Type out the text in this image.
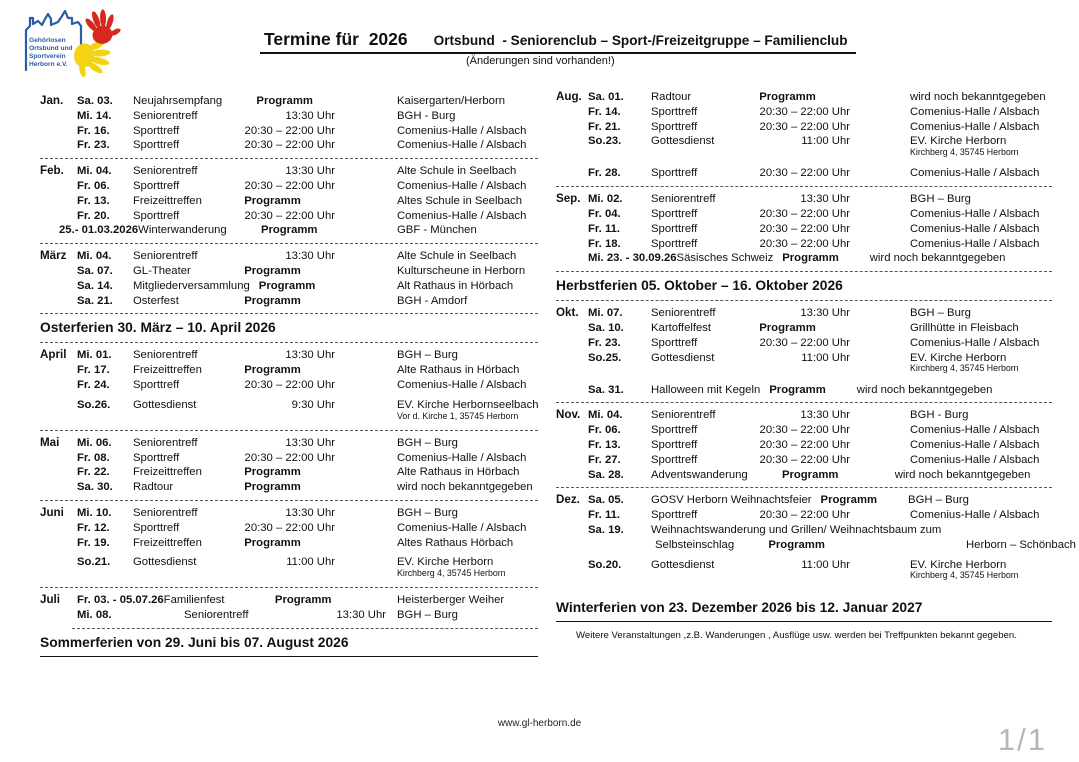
Gehörlosen
Ortsbund und
Sportverein
Herborn e.V.
Termine für  2026 Ortsbund  - Seniorenclub – Sport-/Freizeitgruppe – Familienclub
(Änderungen sind vorhanden!)
Jan. Sa. 03.	Neujahrsempfang	Programm	Kaisergarten/Herborn
Mi. 14.	Seniorentreff	13:30 Uhr	BGH - Burg
Fr. 16.	Sporttreff	20:30 – 22:00 Uhr	Comenius-Halle / Alsbach
Fr. 23.	Sporttreff	20:30 – 22:00 Uhr	Comenius-Halle / Alsbach
Feb. Mi. 04.	Seniorentreff	13:30 Uhr	Alte Schule in Seelbach
Fr. 06.	Sporttreff	20:30 – 22:00 Uhr	Comenius-Halle / Alsbach
Fr. 13.	Freizeittreffen	Programm	Altes Schule in Seelbach
Fr. 20.	Sporttreff	20:30 – 22:00 Uhr	Comenius-Halle / Alsbach
25.- 01.03.2026 Winterwanderung	Programm	GBF - München
März Mi. 04.	Seniorentreff	13:30 Uhr	Alte Schule in Seelbach
Sa. 07.	GL-Theater	Programm	Kulturscheune in Herborn
Sa. 14.	Mitgliederversammlung Programm	Alt Rathaus in Hörbach
Sa. 21.	Osterfest	Programm	BGH - Amdorf
Osterferien 30. März – 10. April 2026
April Mi. 01.	Seniorentreff	13:30 Uhr	BGH – Burg
Fr. 17.	Freizeittreffen	Programm	Alte Rathaus in Hörbach
Fr. 24.	Sporttreff	20:30 – 22:00 Uhr	Comenius-Halle / Alsbach
So.26.	Gottesdienst	9:30 Uhr	EV. Kirche Herbornseelbach
Vor d. Kirche 1, 35745 Herborn
Mai Mi. 06.	Seniorentreff	13:30 Uhr	BGH – Burg
Fr. 08.	Sporttreff	20:30 – 22:00 Uhr	Comenius-Halle / Alsbach
Fr. 22.	Freizeittreffen	Programm	Alte Rathaus in Hörbach
Sa. 30.	Radtour	Programm	wird noch bekanntgegeben
Juni Mi. 10.	Seniorentreff	13:30 Uhr	BGH – Burg
Fr. 12.	Sporttreff	20:30 – 22:00 Uhr	Comenius-Halle / Alsbach
Fr. 19.	Freizeittreffen	Programm	Altes Rathaus Hörbach
So.21.	Gottesdienst	11:00 Uhr	EV. Kirche Herborn
Kirchberg 4, 35745 Herborn
Juli Fr. 03. - 05.07.26 Familienfest	Programm	Heisterberger Weiher
Mi. 08.	Seniorentreff	13:30 Uhr BGH – Burg
Sommerferien von 29. Juni bis 07. August 2026
Aug. Sa. 01.	Radtour	Programm	wird noch bekanntgegeben
Fr. 14.	Sporttreff	20:30 – 22:00 Uhr	Comenius-Halle / Alsbach
Fr. 21.	Sporttreff	20:30 – 22:00 Uhr	Comenius-Halle / Alsbach
So.23.	Gottesdienst	11:00 Uhr	EV. Kirche Herborn
Kirchberg 4, 35745 Herborn
Fr. 28.	Sporttreff	20:30 – 22:00 Uhr	Comenius-Halle / Alsbach
Sep. Mi. 02.	Seniorentreff	13:30 Uhr	BGH – Burg
Fr. 04.	Sporttreff	20:30 – 22:00 Uhr	Comenius-Halle / Alsbach
Fr. 11.	Sporttreff	20:30 – 22:00 Uhr	Comenius-Halle / Alsbach
Fr. 18.	Sporttreff	20:30 – 22:00 Uhr	Comenius-Halle / Alsbach
Mi. 23. - 30.09.26 Säsisches Schweiz Programm	wird noch bekanntgegeben
Herbstferien 05. Oktober – 16. Oktober 2026
Okt. Mi. 07.	Seniorentreff	13:30 Uhr	BGH – Burg
Sa. 10.	Kartoffelfest	Programm	Grillhütte in Fleisbach
Fr. 23.	Sporttreff	20:30 – 22:00 Uhr	Comenius-Halle / Alsbach
So.25.	Gottesdienst	11:00 Uhr	EV. Kirche Herborn
Kirchberg 4, 35745 Herborn
Sa. 31.	Halloween mit Kegeln Programm	wird noch bekanntgegeben
Nov. Mi. 04.	Seniorentreff	13:30 Uhr	BGH - Burg
Fr. 06.	Sporttreff	20:30 – 22:00 Uhr	Comenius-Halle / Alsbach
Fr. 13.	Sporttreff	20:30 – 22:00 Uhr	Comenius-Halle / Alsbach
Fr. 27.	Sporttreff	20:30 – 22:00 Uhr	Comenius-Halle / Alsbach
Sa. 28.	Adventswanderung	Programm	wird noch bekanntgegeben
Dez. Sa. 05.	GOSV Herborn Weihnachtsfeier Programm	BGH – Burg
Fr. 11.	Sporttreff	20:30 – 22:00 Uhr	Comenius-Halle / Alsbach
Sa. 19.	Weihnachtswanderung und Grillen/ Weihnachtsbaum zum
Selbsteinschlag	Programm	Herborn – Schönbach
So.20.	Gottesdienst	11:00 Uhr	EV. Kirche Herborn
Kirchberg 4, 35745 Herborn
Winterferien von 23. Dezember 2026 bis 12. Januar 2027
Weitere Veranstaltungen ,z.B. Wanderungen , Ausflüge usw. werden bei Treffpunkten bekannt gegeben.
www.gl-herborn.de	1/1
